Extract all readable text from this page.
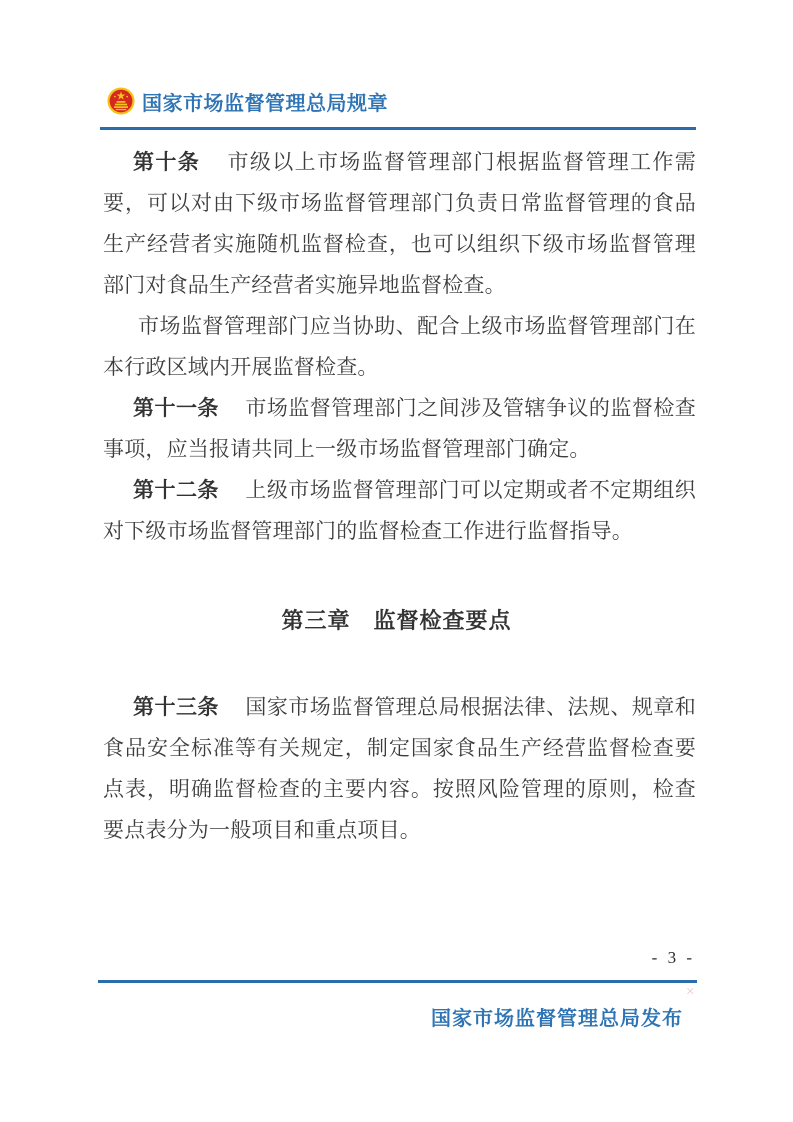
国家市场监督管理总局规章

第十条　市级以上市场监督管理部门根据监督管理工作需要，可以对由下级市场监督管理部门负责日常监督管理的食品生产经营者实施随机监督检查，也可以组织下级市场监督管理部门对食品生产经营者实施异地监督检查。

市场监督管理部门应当协助、配合上级市场监督管理部门在本行政区域内开展监督检查。

第十一条　市场监督管理部门之间涉及管辖争议的监督检查事项，应当报请共同上一级市场监督管理部门确定。

第十二条　上级市场监督管理部门可以定期或者不定期组织对下级市场监督管理部门的监督检查工作进行监督指导。

第三章　监督检查要点

第十三条　国家市场监督管理总局根据法律、法规、规章和食品安全标准等有关规定，制定国家食品生产经营监督检查要点表，明确监督检查的主要内容。按照风险管理的原则，检查要点表分为一般项目和重点项目。

- 3 -
×
国家市场监督管理总局发布
